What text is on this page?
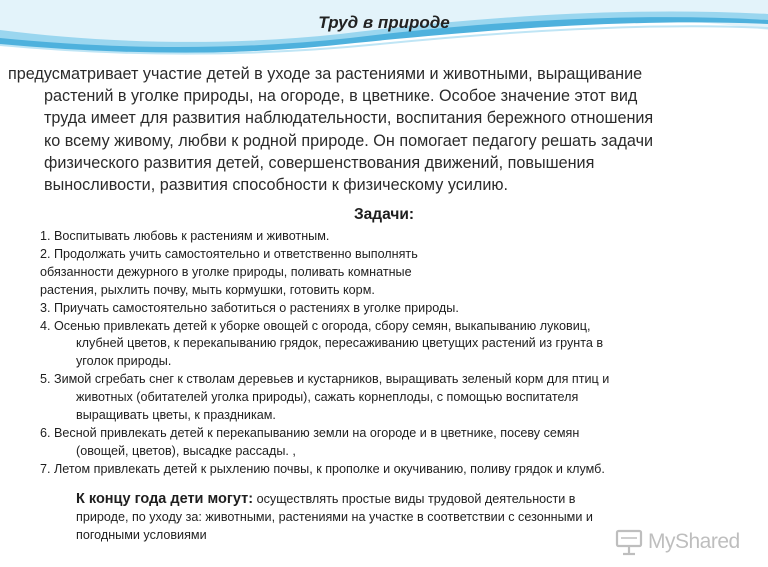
Труд в природе
предусматривает участие детей в уходе за растениями и животными, выращивание
растений в уголке природы, на огороде, в цветнике. Особое значение этот вид
труда имеет для развития наблюдательности, воспитания бережного отношения
ко всему живому, любви к родной природе. Он помогает педагогу решать задачи
физического развития детей, совершенствования движений, повышения
выносливости, развития способности к физическому усилию.
Задачи:
1. Воспитывать любовь к растениям и животным.
2. Продолжать учить самостоятельно и ответственно выполнять
обязанности дежурного в уголке природы, поливать комнатные
растения, рыхлить почву, мыть кормушки, готовить корм.
3. Приучать самостоятельно заботиться о растениях в уголке природы.
4. Осенью привлекать детей к уборке овощей с огорода, сбору семян, выкапыванию луковиц,
клубней цветов, к перекапыванию грядок, пересаживанию цветущих растений из грунта в
уголок природы.
5. Зимой сгребать снег к стволам деревьев и кустарников, выращивать зеленый корм для птиц и
животных (обитателей уголка природы), сажать корнеплоды, с помощью воспитателя
выращивать цветы, к праздникам.
6. Весной привлекать детей к перекапыванию земли на огороде и в цветнике, посеву семян
(овощей, цветов), высадке рассады. ,
7. Летом привлекать детей к рыхлению почвы, к прополке и окучиванию, поливу грядок и клумб.
К концу года дети могут: осуществлять простые виды трудовой деятельности в
природе, по уходу за: животными, растениями на участке в соответствии с сезонными и
погодными условиями	MyShared
